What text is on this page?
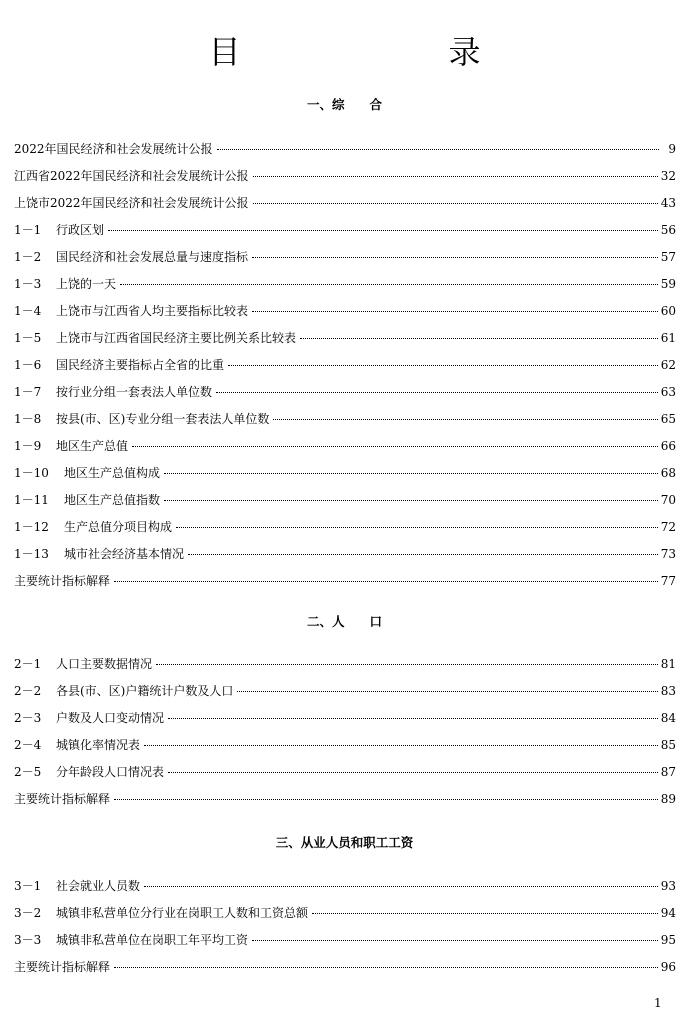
目　录
一、综　　合
2022年国民经济和社会发展统计公报	9
江西省2022年国民经济和社会发展统计公报	32
上饶市2022年国民经济和社会发展统计公报	43
1－1	行政区划	56
1－2	国民经济和社会发展总量与速度指标	57
1－3	上饶的一天	59
1－4	上饶市与江西省人均主要指标比较表	60
1－5	上饶市与江西省国民经济主要比例关系比较表	61
1－6	国民经济主要指标占全省的比重	62
1－7	按行业分组一套表法人单位数	63
1－8	按县(市、区)专业分组一套表法人单位数	65
1－9	地区生产总值	66
1－10	地区生产总值构成	68
1－11	地区生产总值指数	70
1－12	生产总值分项目构成	72
1－13	城市社会经济基本情况	73
主要统计指标解释	77
二、人　　口
2－1	人口主要数据情况	81
2－2	各县(市、区)户籍统计户数及人口	83
2－3	户数及人口变动情况	84
2－4	城镇化率情况表	85
2－5	分年龄段人口情况表	87
主要统计指标解释	89
三、从业人员和职工工资
3－1	社会就业人员数	93
3－2	城镇非私营单位分行业在岗职工人数和工资总额	94
3－3	城镇非私营单位在岗职工年平均工资	95
主要统计指标解释	96
1
